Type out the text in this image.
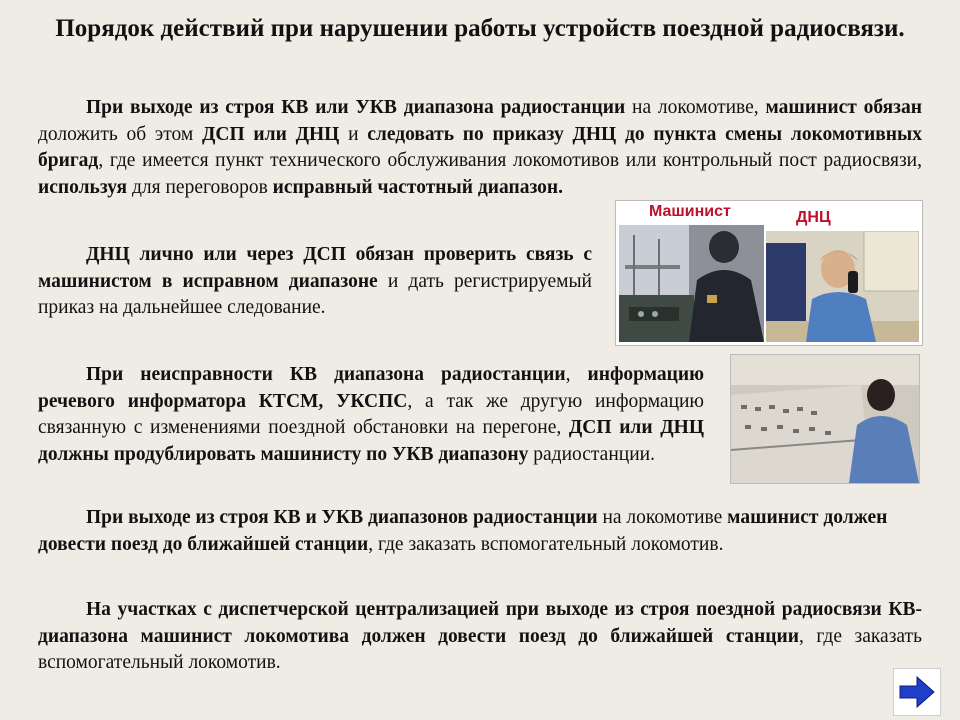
Порядок действий при нарушении работы устройств поездной радиосвязи.

При выходе из строя КВ или УКВ диапазона радиостанции на локомотиве, машинист обязан доложить об этом ДСП или ДНЦ и следовать по приказу ДНЦ до пункта смены локомотивных бригад, где имеется пункт технического обслуживания локомотивов или контрольный пост радиосвязи, используя для переговоров исправный частотный диапазон.

ДНЦ лично или через ДСП обязан проверить связь с машинистом в исправном диапазоне и дать регистрируемый приказ на дальнейшее следование.

При неисправности КВ диапазона радиостанции, информацию речевого информатора КТСМ, УКСПС, а так же другую информацию связанную с изменениями поездной обстановки на перегоне, ДСП или ДНЦ должны продублировать машинисту по УКВ диапазону радиостанции.

При выходе из строя КВ и УКВ диапазонов радиостанции на локомотиве машинист должен довести поезд до ближайшей станции, где заказать вспомогательный локомотив.

На участках с диспетчерской централизацией при выходе из строя поездной радиосвязи КВ-диапазона машинист локомотива должен довести поезд до ближайшей станции, где заказать вспомогательный локомотив.

Машинист	ДНЦ
